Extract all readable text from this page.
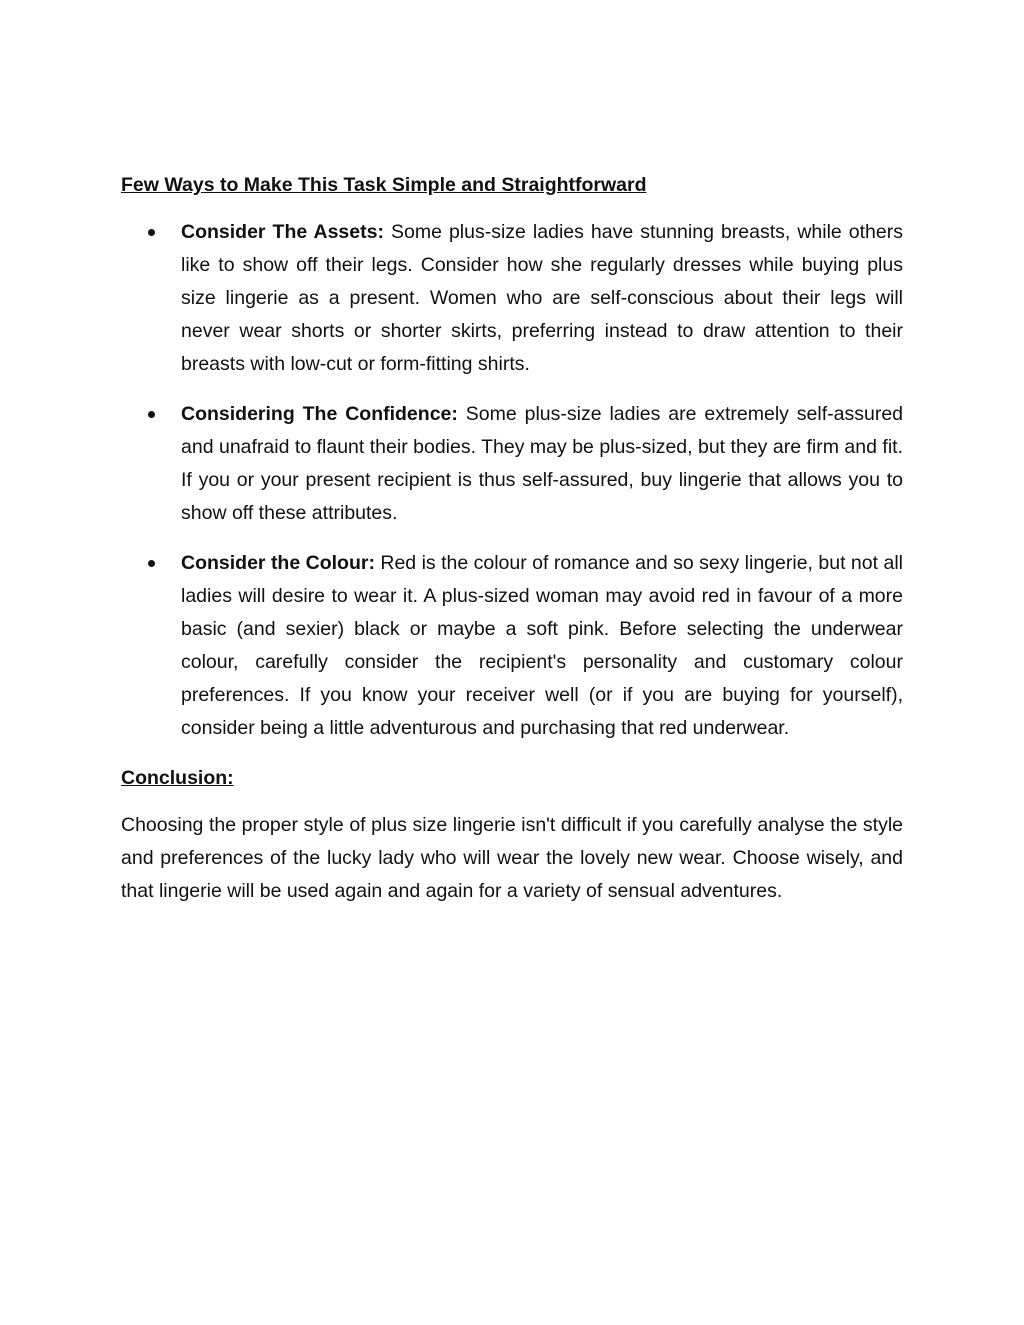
Few Ways to Make This Task Simple and Straightforward
Consider The Assets: Some plus-size ladies have stunning breasts, while others like to show off their legs. Consider how she regularly dresses while buying plus size lingerie as a present. Women who are self-conscious about their legs will never wear shorts or shorter skirts, preferring instead to draw attention to their breasts with low-cut or form-fitting shirts.
Considering The Confidence: Some plus-size ladies are extremely self-assured and unafraid to flaunt their bodies. They may be plus-sized, but they are firm and fit. If you or your present recipient is thus self-assured, buy lingerie that allows you to show off these attributes.
Consider the Colour: Red is the colour of romance and so sexy lingerie, but not all ladies will desire to wear it. A plus-sized woman may avoid red in favour of a more basic (and sexier) black or maybe a soft pink. Before selecting the underwear colour, carefully consider the recipient's personality and customary colour preferences. If you know your receiver well (or if you are buying for yourself), consider being a little adventurous and purchasing that red underwear.
Conclusion:

Choosing the proper style of plus size lingerie isn't difficult if you carefully analyse the style and preferences of the lucky lady who will wear the lovely new wear. Choose wisely, and that lingerie will be used again and again for a variety of sensual adventures.
